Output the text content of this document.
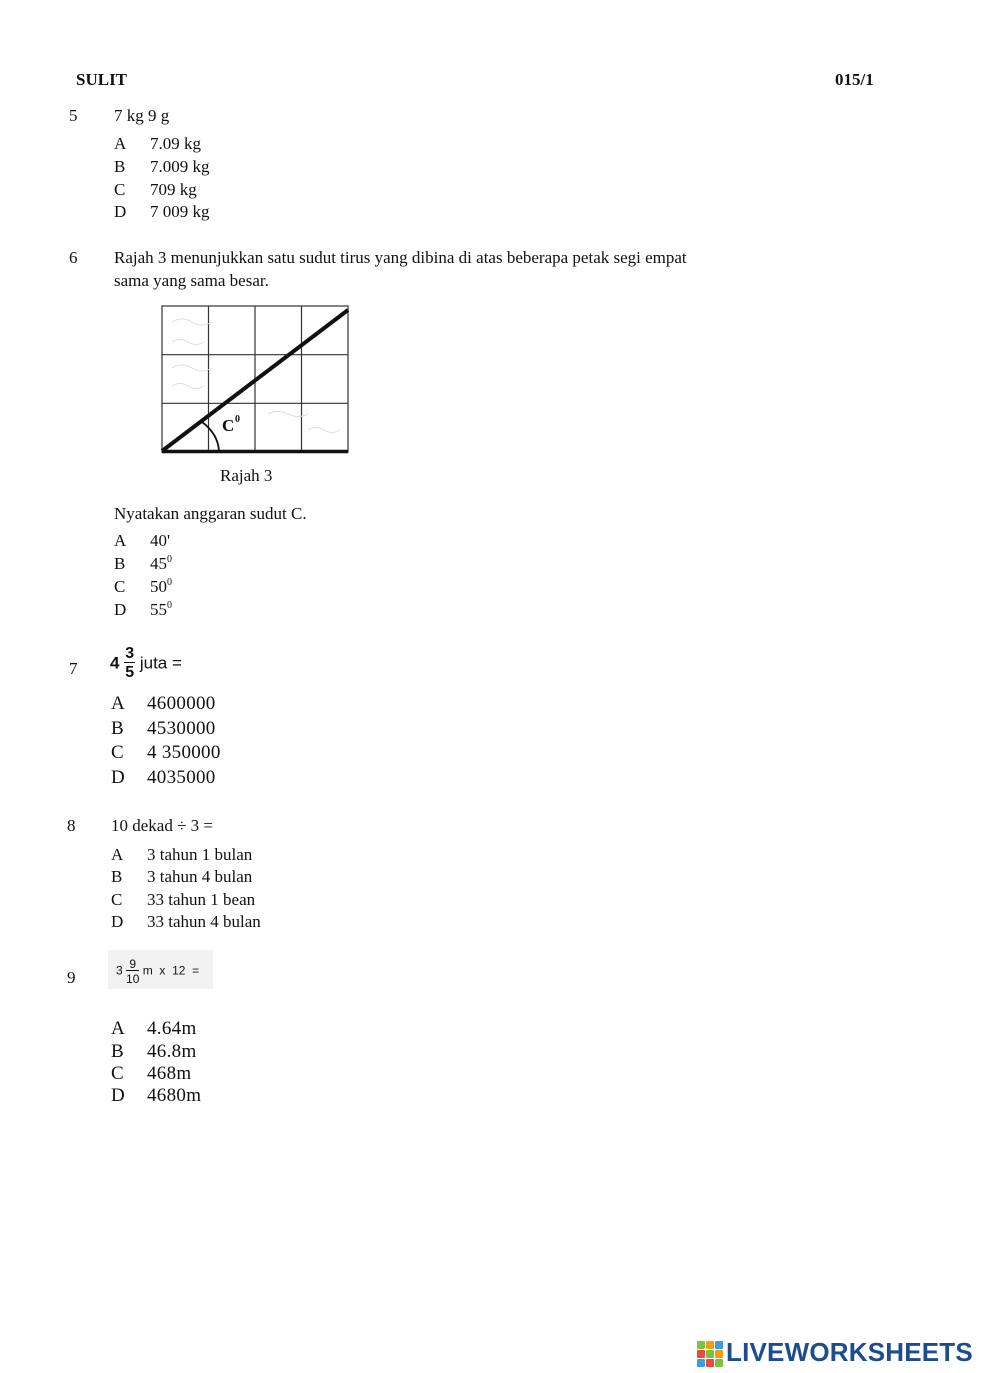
SULIT	015/1
5 7 kg 9 g
A 7.09 kg
B 7.009 kg
C 709 kg
D 7 009 kg
6 Rajah 3 menunjukkan satu sudut tirus yang dibina di atas beberapa petak segi empat
sama yang sama besar.
C 0
Rajah 3
Nyatakan anggaran sudut C.
A 40'
B $45^0$
C $50^0$
D $55^0$
7 $4 \frac{3}{5}$ juta =
A 4600000
B 4530000
C 4 350000
D 4035000
8 10 dekad ÷ 3 =
A 3 tahun 1 bulan
B 3 tahun 4 bulan
C 33 tahun 1 bean
D 33 tahun 4 bulan
9	$3 \frac{9}{10}$ m  x  12  =
A 4.64m
B 46.8m
C 468m
D 4680m
LIVEWORKSHEETS
